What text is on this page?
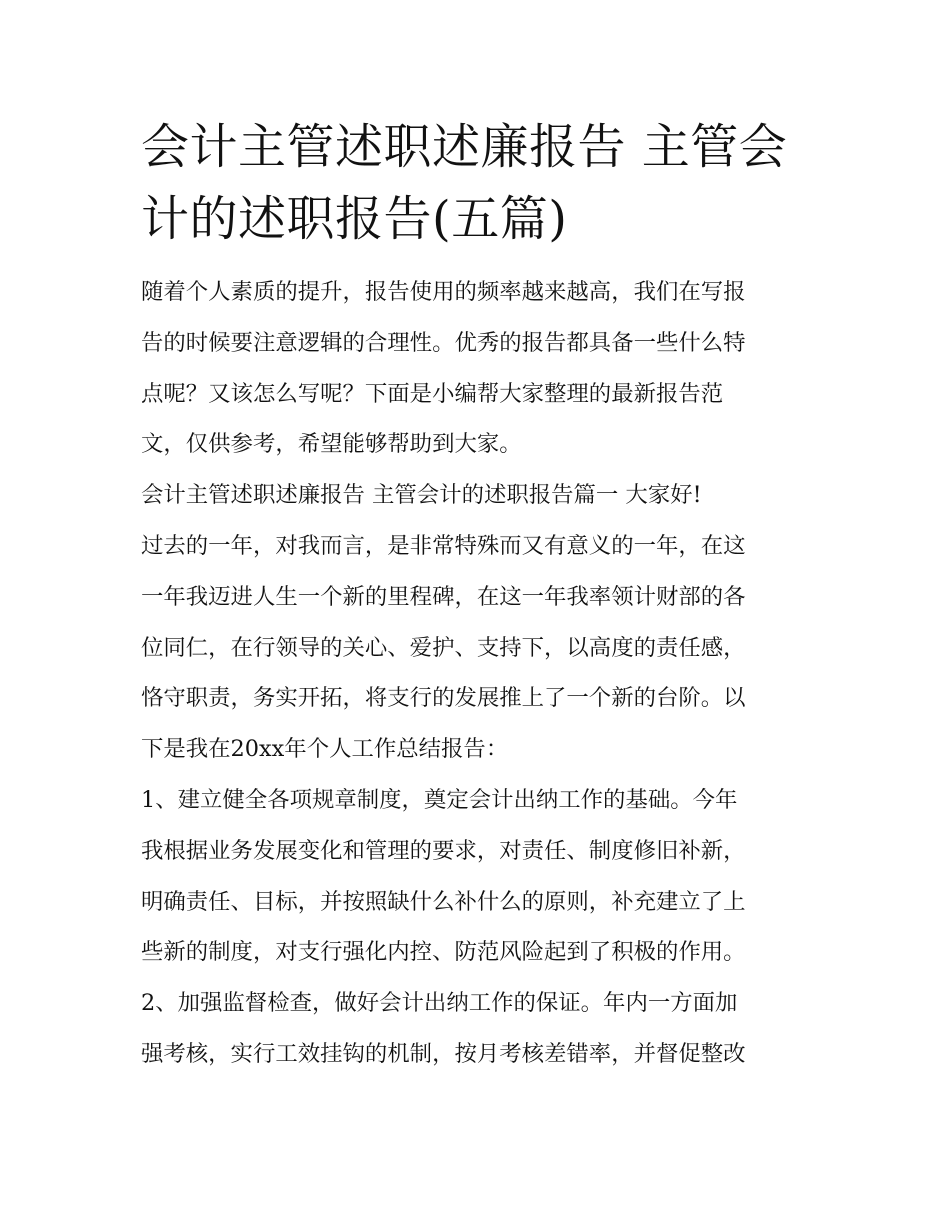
会计主管述职述廉报告 主管会
计的述职报告(五篇)

随着个人素质的提升，报告使用的频率越来越高，我们在写报
告的时候要注意逻辑的合理性。优秀的报告都具备一些什么特
点呢？又该怎么写呢？下面是小编帮大家整理的最新报告范
文，仅供参考，希望能够帮助到大家。

会计主管述职述廉报告 主管会计的述职报告篇一 大家好!

过去的一年，对我而言，是非常特殊而又有意义的一年，在这
一年我迈进人生一个新的里程碑，在这一年我率领计财部的各
位同仁，在行领导的关心、爱护、支持下，以高度的责任感，
恪守职责，务实开拓，将支行的发展推上了一个新的台阶。以
下是我在20xx年个人工作总结报告：

1、建立健全各项规章制度，奠定会计出纳工作的基础。今年
我根据业务发展变化和管理的要求，对责任、制度修旧补新，
明确责任、目标，并按照缺什么补什么的原则，补充建立了上
些新的制度，对支行强化内控、防范风险起到了积极的作用。

2、加强监督检查，做好会计出纳工作的保证。年内一方面加
强考核，实行工效挂钩的机制，按月考核差错率，并督促整改
